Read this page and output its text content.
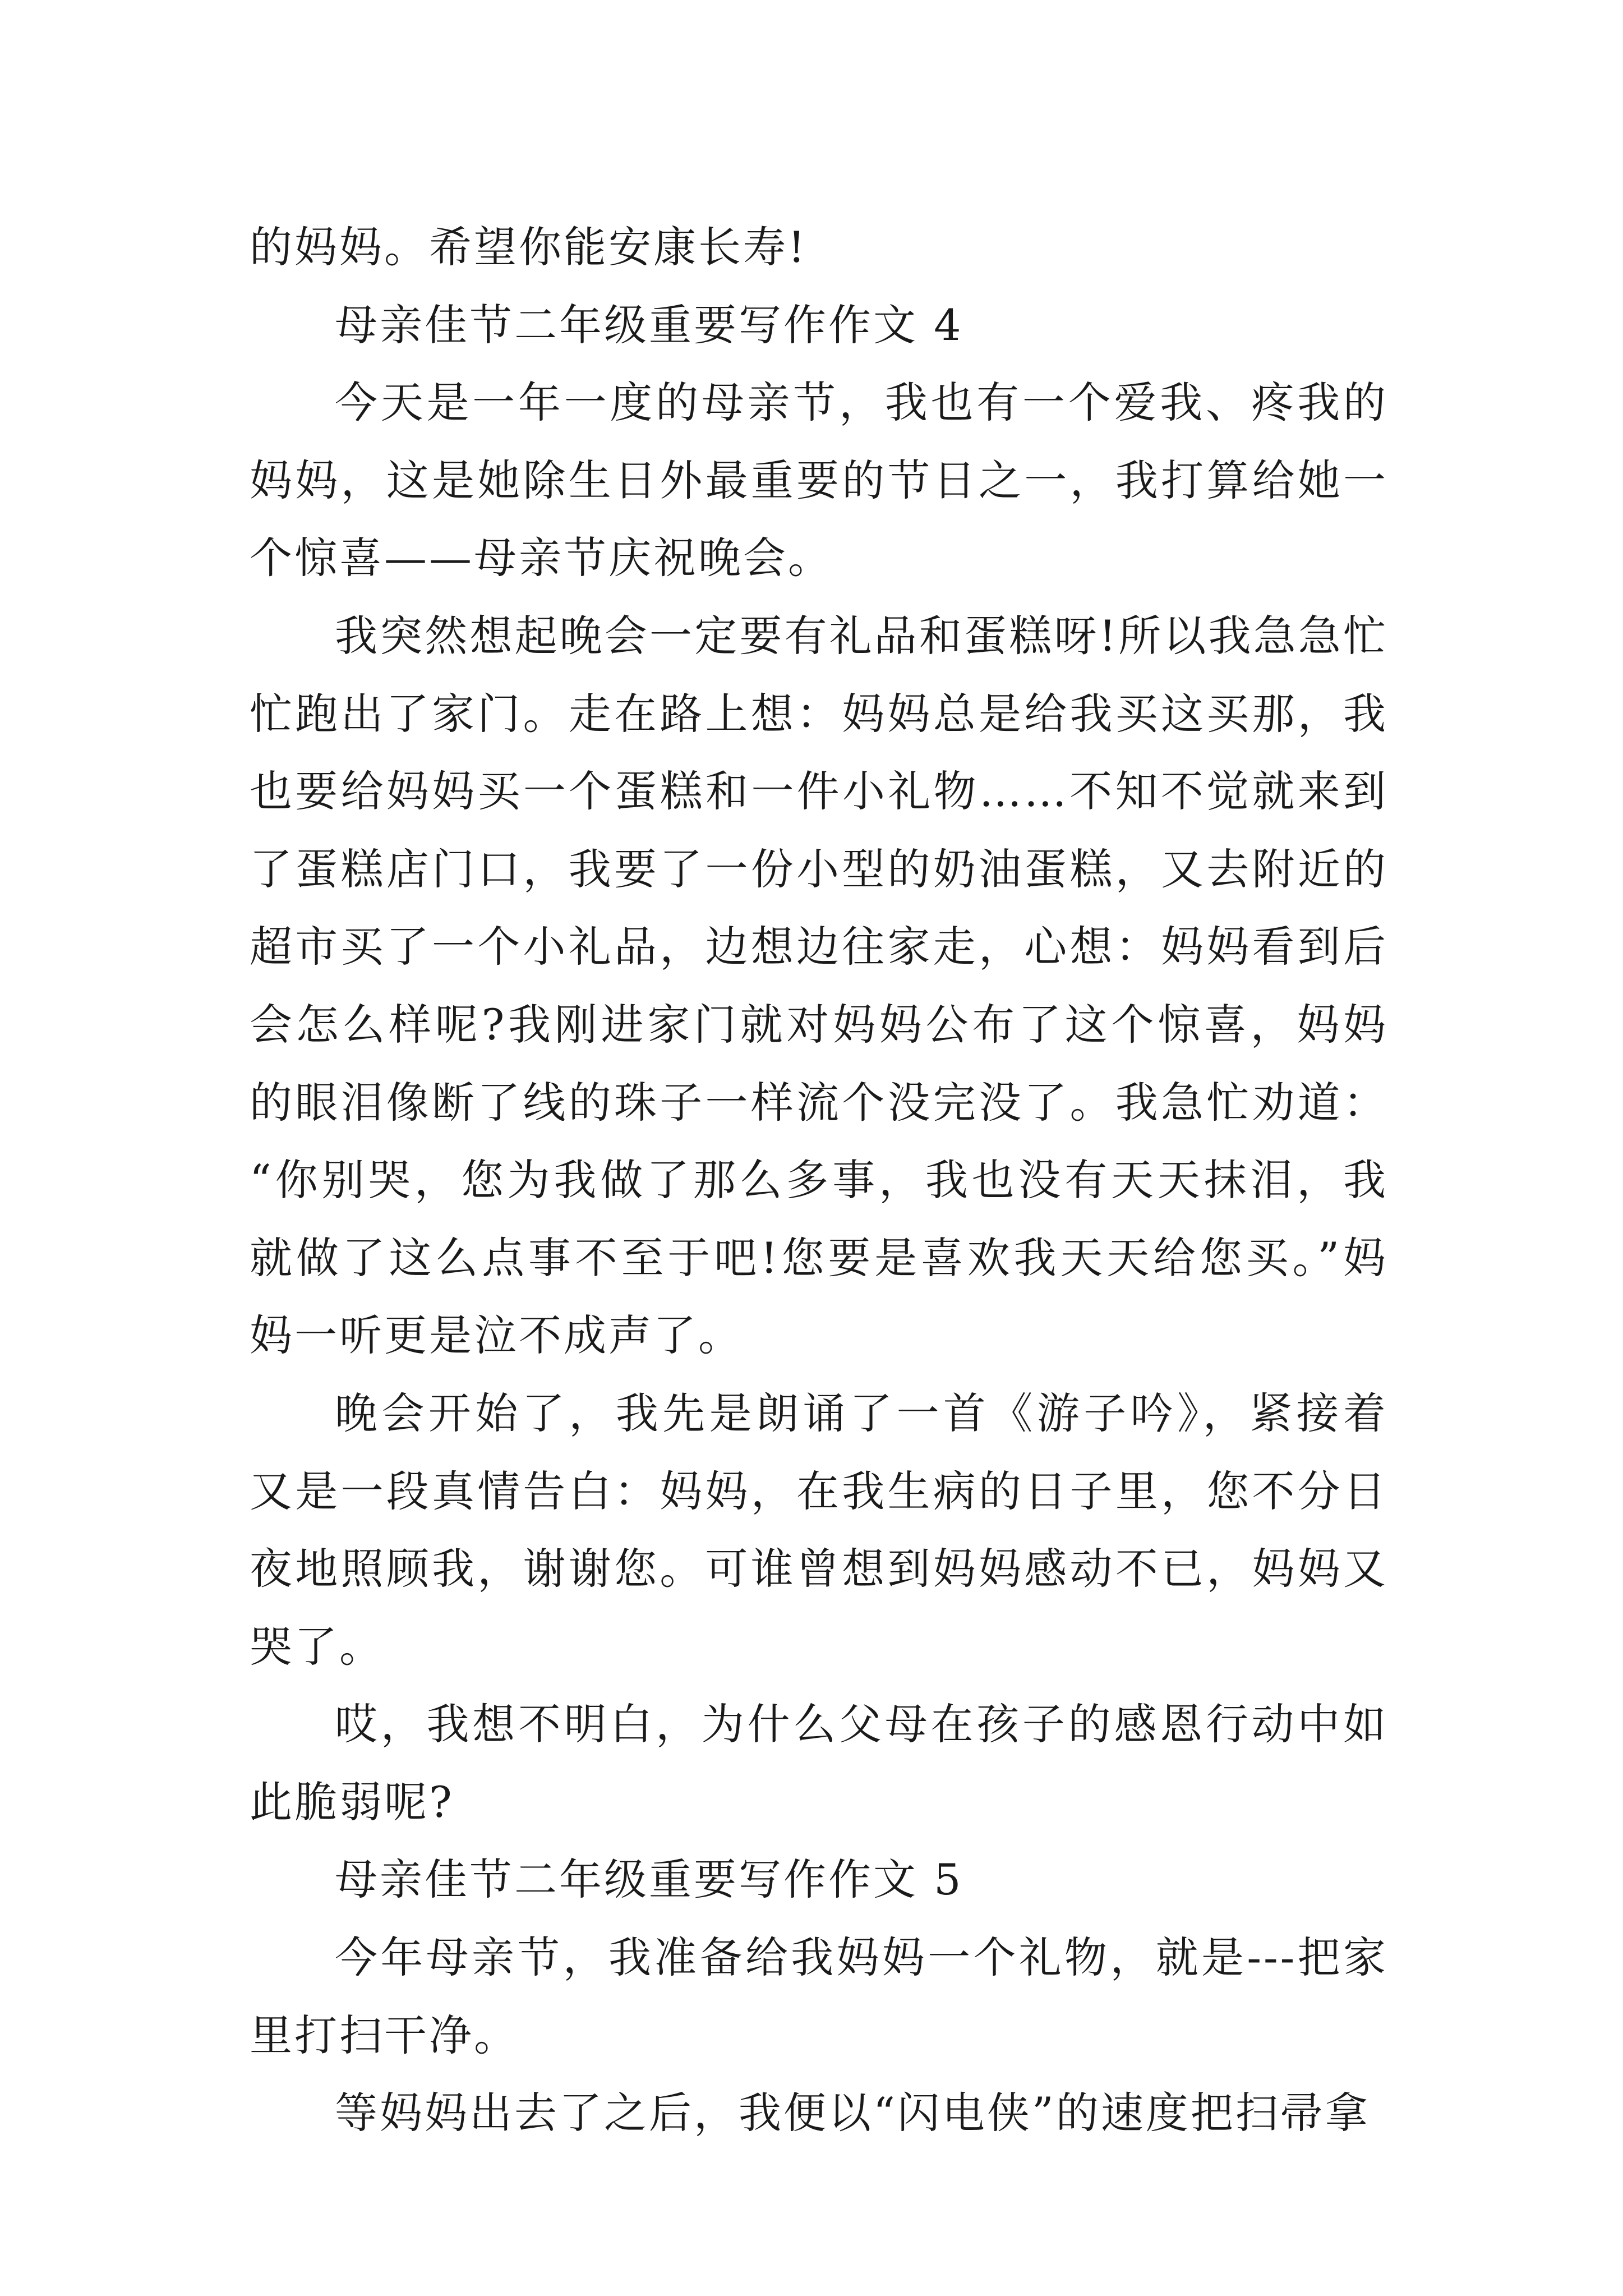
的妈妈。希望你能安康长寿!

母亲佳节二年级重要写作作文 4

今天是一年一度的母亲节，我也有一个爱我、疼我的妈妈，这是她除生日外最重要的节日之一，我打算给她一个惊喜——母亲节庆祝晚会。

我突然想起晚会一定要有礼品和蛋糕呀!所以我急急忙忙跑出了家门。走在路上想：妈妈总是给我买这买那，我也要给妈妈买一个蛋糕和一件小礼物……不知不觉就来到了蛋糕店门口，我要了一份小型的奶油蛋糕，又去附近的超市买了一个小礼品，边想边往家走，心想：妈妈看到后会怎么样呢?我刚进家门就对妈妈公布了这个惊喜，妈妈的眼泪像断了线的珠子一样流个没完没了。我急忙劝道：“你别哭，您为我做了那么多事，我也没有天天抹泪，我就做了这么点事不至于吧!您要是喜欢我天天给您买。”妈妈一听更是泣不成声了。

晚会开始了，我先是朗诵了一首《游子吟》，紧接着又是一段真情告白：妈妈，在我生病的日子里，您不分日夜地照顾我，谢谢您。可谁曾想到妈妈感动不已，妈妈又哭了。

哎，我想不明白，为什么父母在孩子的感恩行动中如此脆弱呢?

母亲佳节二年级重要写作作文 5

今年母亲节，我准备给我妈妈一个礼物，就是---把家里打扫干净。

等妈妈出去了之后，我便以“闪电侠”的速度把扫帚拿
